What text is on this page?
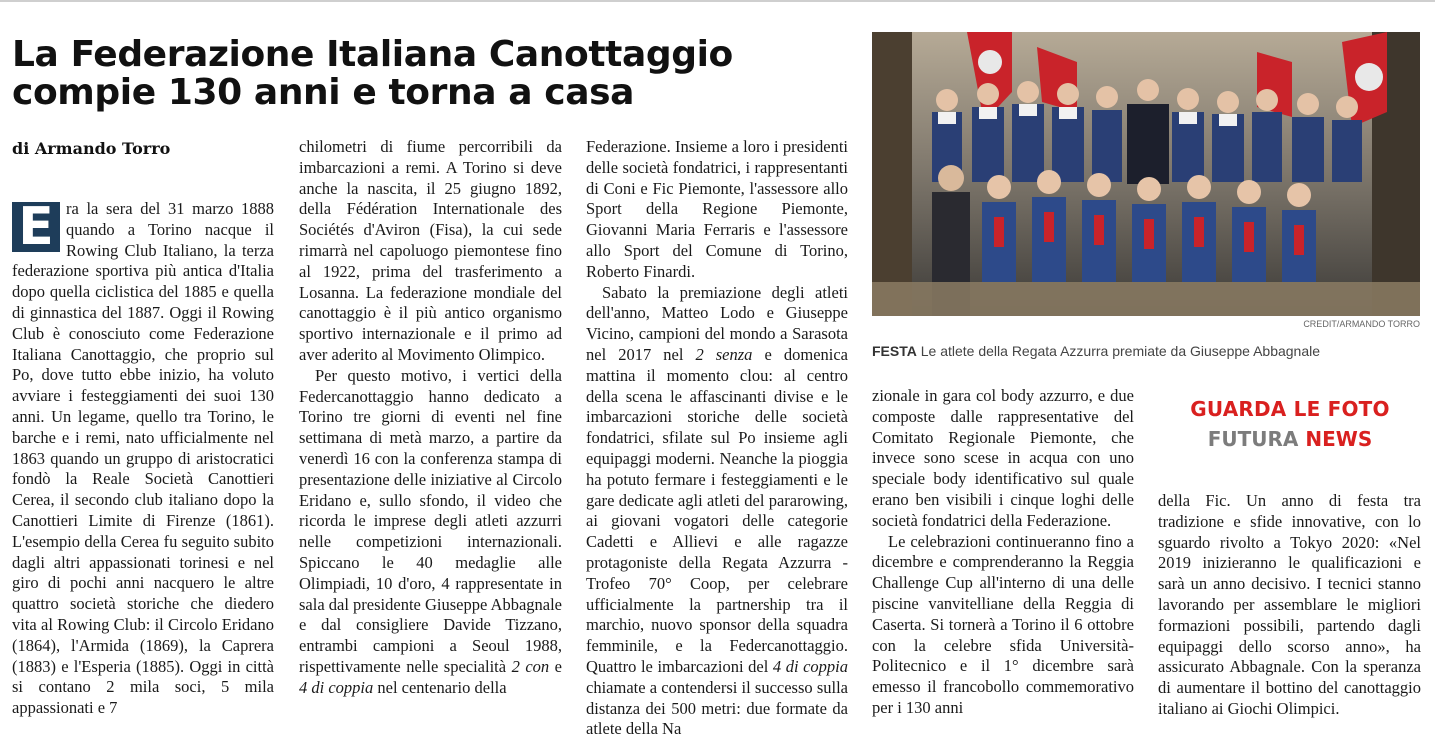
La Federazione Italiana Canottaggio compie 130 anni e torna a casa
di Armando Torro

E ra la sera del 31 marzo 1888 quando a Torino nacque il Rowing Club Italiano, la terza federazione sportiva più antica d'Italia dopo quella ciclistica del 1885 e quella di ginnastica del 1887. Oggi il Rowing Club è conosciuto come Federazione Italiana Canottaggio, che proprio sul Po, dove tutto ebbe inizio, ha voluto avviare i festeggiamenti dei suoi 130 anni. Un legame, quello tra Torino, le barche e i remi, nato ufficialmente nel 1863 quando un gruppo di aristocratici fondò la Reale Società Canottieri Cerea, il secondo club italiano dopo la Canottieri Limite di Firenze (1861). L'esempio della Cerea fu seguito subito dagli altri appassionati torinesi e nel giro di pochi anni nacquero le altre quattro società storiche che diedero vita al Rowing Club: il Circolo Eridano (1864), l'Armida (1869), la Caprera (1883) e l'Esperia (1885). Oggi in città si contano 2 mila soci, 5 mila appassionati e 7

chilometri di fiume percorribili da imbarcazioni a remi. A Torino si deve anche la nascita, il 25 giugno 1892, della Fédération Internationale des Sociétés d'Aviron (Fisa), la cui sede rimarrà nel capoluogo piemontese fino al 1922, prima del trasferimento a Losanna. La federazione mondiale del canottaggio è il più antico organismo sportivo internazionale e il primo ad aver aderito al Movimento Olimpico.

Per questo motivo, i vertici della Federcanottaggio hanno dedicato a Torino tre giorni di eventi nel fine settimana di metà marzo, a partire da venerdì 16 con la conferenza stampa di presentazione delle iniziative al Circolo Eridano e, sullo sfondo, il video che ricorda le imprese degli atleti azzurri nelle competizioni internazionali. Spiccano le 40 medaglie alle Olimpiadi, 10 d'oro, 4 rappresentate in sala dal presidente Giuseppe Abbagnale e dal consigliere Davide Tizzano, entrambi campioni a Seoul 1988, rispettivamente nelle specialità 2 con e 4 di coppia nel centenario della

Federazione. Insieme a loro i presidenti delle società fondatrici, i rappresentanti di Coni e Fic Piemonte, l'assessore allo Sport della Regione Piemonte, Giovanni Maria Ferraris e l'assessore allo Sport del Comune di Torino, Roberto Finardi.

Sabato la premiazione degli atleti dell'anno, Matteo Lodo e Giuseppe Vicino, campioni del mondo a Sarasota nel 2017 nel 2 senza e domenica mattina il momento clou: al centro della scena le affascinanti divise e le imbarcazioni storiche delle società fondatrici, sfilate sul Po insieme agli equipaggi moderni. Neanche la pioggia ha potuto fermare i festeggiamenti e le gare dedicate agli atleti del pararowing, ai giovani vogatori delle categorie Cadetti e Allievi e alle ragazze protagoniste della Regata Azzurra - Trofeo 70° Coop, per celebrare ufficialmente la partnership tra il marchio, nuovo sponsor della squadra femminile, e la Federcanottaggio. Quattro le imbarcazioni del 4 di coppia chiamate a contendersi il successo sulla distanza dei 500 metri: due formate da atlete della Na

CREDIT/ARMANDO TORRO
FESTA Le atlete della Regata Azzurra premiate da Giuseppe Abbagnale

zionale in gara col body azzurro, e due composte dalle rappresentative del Comitato Regionale Piemonte, che invece sono scese in acqua con uno speciale body identificativo sul quale erano ben visibili i cinque loghi delle società fondatrici della Federazione.

Le celebrazioni continueranno fino a dicembre e comprenderanno la Reggia Challenge Cup all'interno di una delle piscine vanvitelliane della Reggia di Caserta. Si tornerà a Torino il 6 ottobre con la celebre sfida Università-Politecnico e il 1° dicembre sarà emesso il francobollo commemorativo per i 130 anni

GUARDA LE FOTO
FUTURA NEWS

della Fic. Un anno di festa tra tradizione e sfide innovative, con lo sguardo rivolto a Tokyo 2020: «Nel 2019 inizieranno le qualificazioni e sarà un anno decisivo. I tecnici stanno lavorando per assemblare le migliori formazioni possibili, partendo dagli equipaggi dello scorso anno», ha assicurato Abbagnale. Con la speranza di aumentare il bottino del canottaggio italiano ai Giochi Olimpici.
